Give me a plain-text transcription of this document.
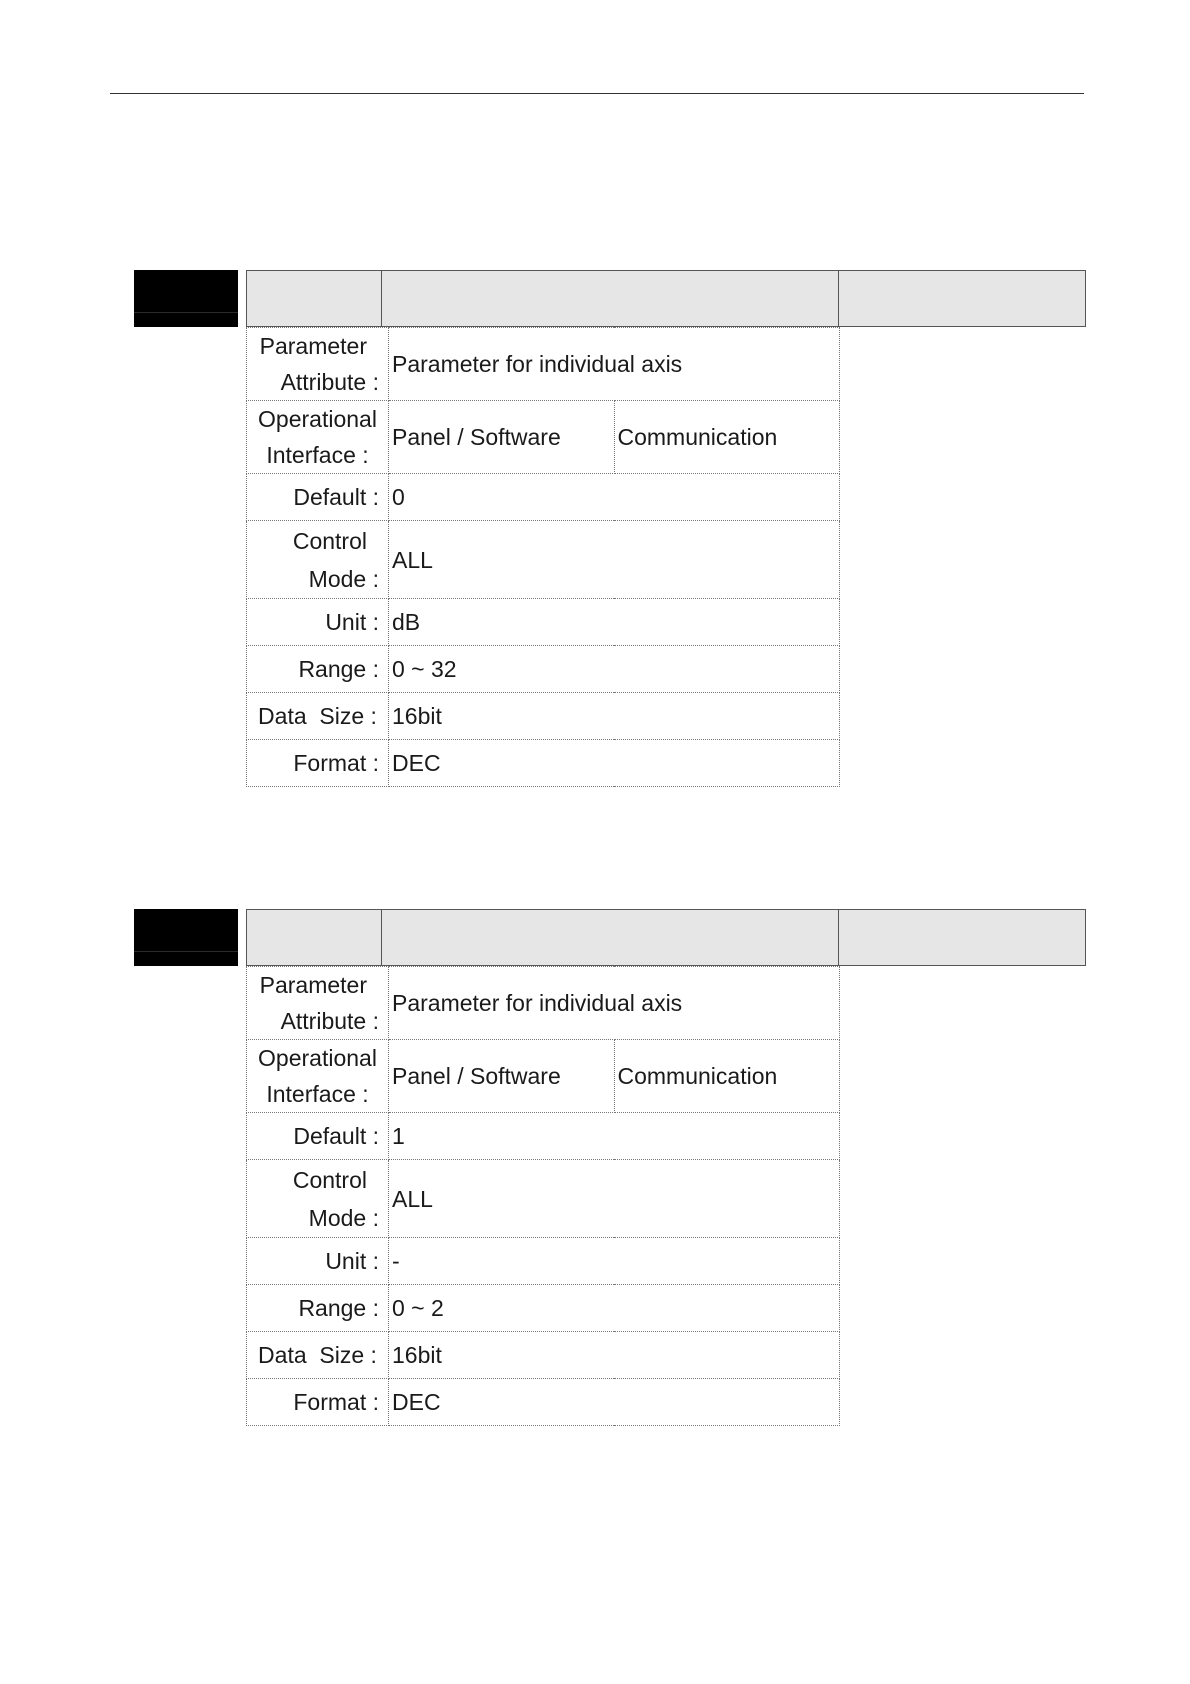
Parameter
Attribute :	Parameter for individual axis	

Operational
Interface :	Panel / Software	Communication
Default :	0	

Control
Mode :	ALL	
Unit :	dB	
Range :	0 ~ 32	
Data  Size :	16bit	
Format :	DEC	
Parameter
Attribute :	Parameter for individual axis	

Operational
Interface :	Panel / Software	Communication
Default :	1	

Control
Mode :	ALL	
Unit :	-	
Range :	0 ~ 2	
Data  Size :	16bit	
Format :	DEC	
